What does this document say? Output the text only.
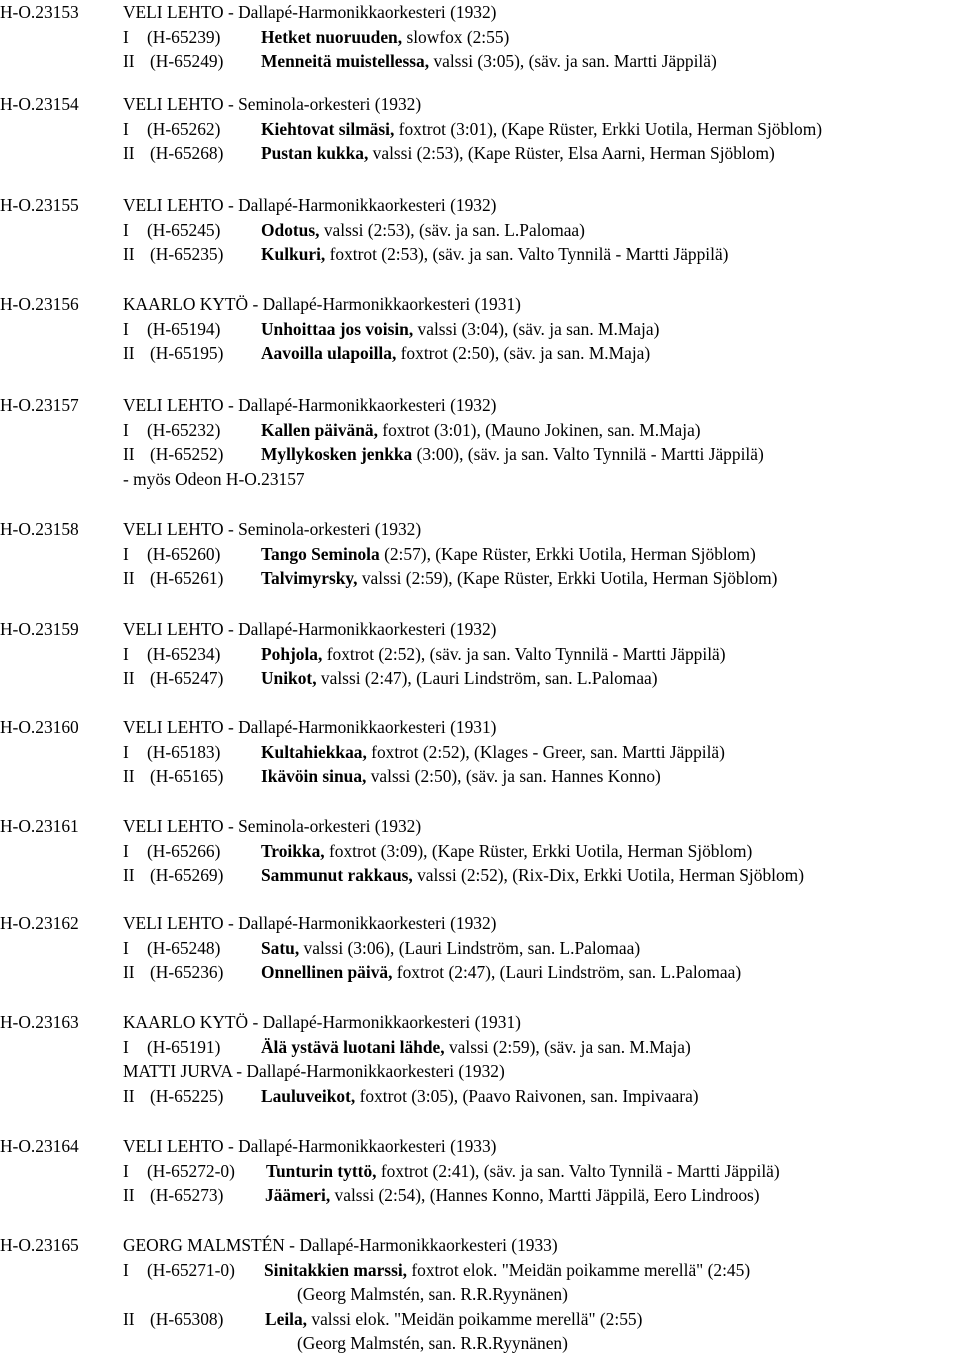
H-O.23153	VELI LEHTO - Dallapé-Harmonikkaorkesteri (1932)
I (H-65239) Hetket nuoruuden, slowfox (2:55)
II (H-65249) Menneitä muistellessa, valssi (3:05), (säv. ja san. Martti Jäppilä)
H-O.23154	VELI LEHTO - Seminola-orkesteri (1932)
I (H-65262) Kiehtovat silmäsi, foxtrot (3:01), (Kape Rüster, Erkki Uotila, Herman Sjöblom)
II (H-65268) Pustan kukka, valssi (2:53), (Kape Rüster, Elsa Aarni, Herman Sjöblom)
H-O.23155	VELI LEHTO - Dallapé-Harmonikkaorkesteri (1932)
I (H-65245) Odotus, valssi (2:53), (säv. ja san. L.Palomaa)
II (H-65235) Kulkuri, foxtrot (2:53), (säv. ja san. Valto Tynnilä - Martti Jäppilä)
H-O.23156	KAARLO KYTÖ - Dallapé-Harmonikkaorkesteri (1931)
I (H-65194) Unhoittaa jos voisin, valssi (3:04), (säv. ja san. M.Maja)
II (H-65195) Aavoilla ulapoilla, foxtrot (2:50), (säv. ja san. M.Maja)
H-O.23157	VELI LEHTO - Dallapé-Harmonikkaorkesteri (1932)
I (H-65232) Kallen päivänä, foxtrot (3:01), (Mauno Jokinen, san. M.Maja)
II (H-65252) Myllykosken jenkka (3:00), (säv. ja san. Valto Tynnilä - Martti Jäppilä)
- myös Odeon H-O.23157
H-O.23158	VELI LEHTO - Seminola-orkesteri (1932)
I (H-65260) Tango Seminola (2:57), (Kape Rüster, Erkki Uotila, Herman Sjöblom)
II (H-65261) Talvimyrsky, valssi (2:59), (Kape Rüster, Erkki Uotila, Herman Sjöblom)
H-O.23159	VELI LEHTO - Dallapé-Harmonikkaorkesteri (1932)
I (H-65234) Pohjola, foxtrot (2:52), (säv. ja san. Valto Tynnilä - Martti Jäppilä)
II (H-65247) Unikot, valssi (2:47), (Lauri Lindström, san. L.Palomaa)
H-O.23160	VELI LEHTO - Dallapé-Harmonikkaorkesteri (1931)
I (H-65183) Kultahiekkaa, foxtrot (2:52), (Klages - Greer, san. Martti Jäppilä)
II (H-65165) Ikävöin sinua, valssi (2:50), (säv. ja san. Hannes Konno)
H-O.23161	VELI LEHTO - Seminola-orkesteri (1932)
I (H-65266) Troikka, foxtrot (3:09), (Kape Rüster, Erkki Uotila, Herman Sjöblom)
II (H-65269) Sammunut rakkaus, valssi (2:52), (Rix-Dix, Erkki Uotila, Herman Sjöblom)
H-O.23162	VELI LEHTO - Dallapé-Harmonikkaorkesteri (1932)
I (H-65248) Satu, valssi (3:06), (Lauri Lindström, san. L.Palomaa)
II (H-65236) Onnellinen päivä, foxtrot (2:47), (Lauri Lindström, san. L.Palomaa)
H-O.23163	KAARLO KYTÖ - Dallapé-Harmonikkaorkesteri (1931)
I (H-65191) Älä ystävä luotani lähde, valssi (2:59), (säv. ja san. M.Maja)
MATTI JURVA - Dallapé-Harmonikkaorkesteri (1932)
II (H-65225) Lauluveikot, foxtrot (3:05), (Paavo Raivonen, san. Impivaara)
H-O.23164	VELI LEHTO - Dallapé-Harmonikkaorkesteri (1933)
I (H-65272-0) Tunturin tyttö, foxtrot (2:41), (säv. ja san. Valto Tynnilä - Martti Jäppilä)
II (H-65273) Jäämeri, valssi (2:54), (Hannes Konno, Martti Jäppilä, Eero Lindroos)
H-O.23165	GEORG MALMSTÉN - Dallapé-Harmonikkaorkesteri (1933)
I (H-65271-0) Sinitakkien marssi, foxtrot elok. "Meidän poikamme merellä" (2:45)
(Georg Malmstén, san. R.R.Ryynänen)
II (H-65308) Leila, valssi elok. "Meidän poikamme merellä" (2:55)
(Georg Malmstén, san. R.R.Ryynänen)
